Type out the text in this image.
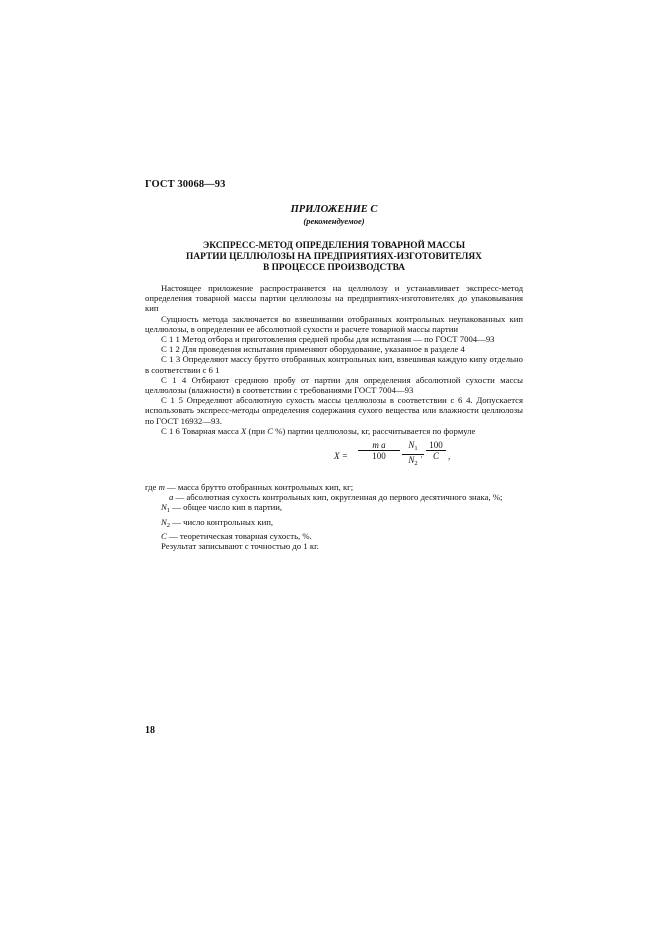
ГОСТ 30068—93
ПРИЛОЖЕНИЕ С
(рекомендуемое)
ЭКСПРЕСС-МЕТОД ОПРЕДЕЛЕНИЯ ТОВАРНОЙ МАССЫ
ПАРТИИ ЦЕЛЛЮЛОЗЫ НА ПРЕДПРИЯТИЯХ-ИЗГОТОВИТЕЛЯХ
В ПРОЦЕССЕ ПРОИЗВОДСТВА

Настоящее приложение распространяется на целлюлозу и устанавливает экспресс-метод определения товарной массы партии целлюлозы на предприятиях-изготовителях до упаковывания кип

Сущность метода заключается во взвешивании отобранных контрольных неупакованных кип целлюлозы, в определении ее абсолютной сухости и расчете товарной массы партии

С 1 1 Метод отбора и приготовления средней пробы для испытания — по ГОСТ 7004—93

С 1 2 Для проведения испытания применяют оборудование, указанное в разделе 4

С 1 3 Определяют массу брутто отобранных контрольных кип, взвешивая каждую кипу отдельно в соответствии с 6 1

С 1 4 Отбирают среднюю пробу от партии для определения абсолютной сухости массы целлюлозы (влажности) в соответствии с требованиями ГОСТ 7004—93

С 1 5 Определяют абсолютную сухость массы целлюлозы в соответствии с 6 4. Допускается использовать экспресс-методы определения содержания сухого вещества или влажности целлюлозы по ГОСТ 16932—93.

С 1 6 Товарная масса X (при C %) партии целлюлозы, кг, рассчитывается по формуле

$X = \frac{\text{m a}}{100} \frac{N_1}{N_2}$
· $\frac{100}{C}$ ,
где m — масса брутто отобранных контрольных кип, кг;
a — абсолютная сухость контрольных кип, округленная до первого десятичного знака, %;
$N_1$ — общее число кип в партии,
$N_2$ — число контрольных кип,
C — теоретическая товарная сухость, %.
Результат записывают с точностью до 1 кг.
18
